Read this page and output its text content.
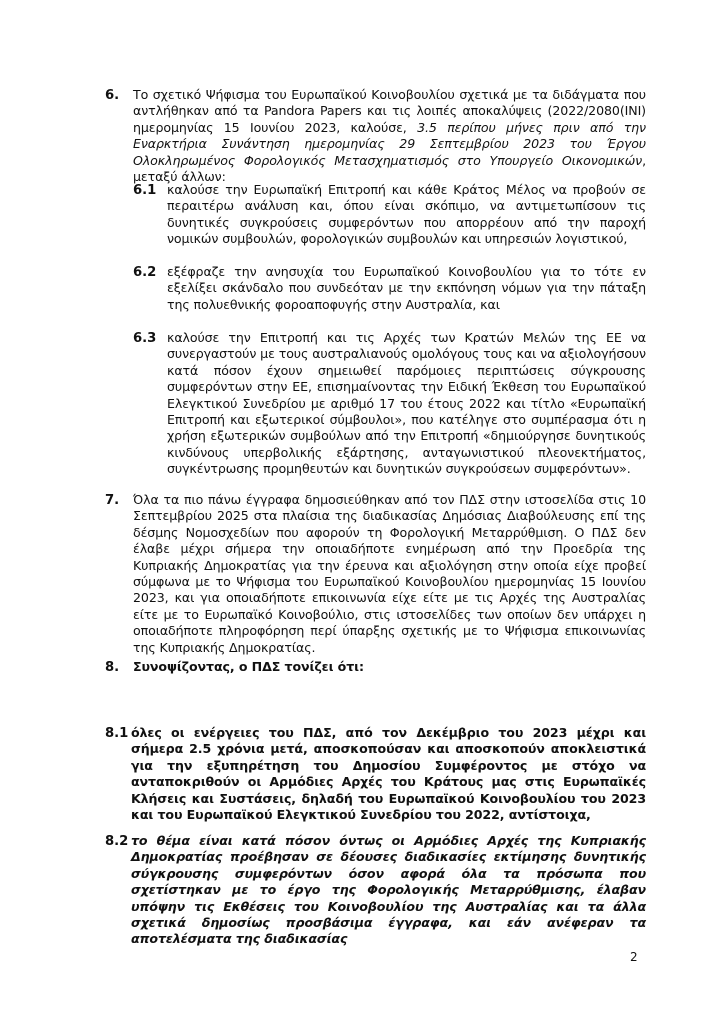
6. Το σχετικό Ψήφισμα του Ευρωπαϊκού Κοινοβουλίου σχετικά με τα διδάγματα που αντλήθηκαν από τα Pandora Papers και τις λοιπές αποκαλύψεις (2022/2080(INI) ημερομηνίας 15 Ιουνίου 2023, καλούσε, 3.5 περίπου μήνες πριν από την Εναρκτήρια Συνάντηση ημερομηνίας 29 Σεπτεμβρίου 2023 του Έργου Ολοκληρωμένος Φορολογικός Μετασχηματισμός στο Υπουργείο Οικονομικών, μεταξύ άλλων:
6.1 καλούσε την Ευρωπαϊκή Επιτροπή και κάθε Κράτος Μέλος να προβούν σε περαιτέρω ανάλυση και, όπου είναι σκόπιμο, να αντιμετωπίσουν τις δυνητικές συγκρούσεις συμφερόντων που απορρέουν από την παροχή νομικών συμβουλών, φορολογικών συμβουλών και υπηρεσιών λογιστικού,
6.2 εξέφραζε την ανησυχία του Ευρωπαϊκού Κοινοβουλίου για το τότε εν εξελίξει σκάνδαλο που συνδεόταν με την εκπόνηση νόμων για την πάταξη της πολυεθνικής φοροαποφυγής στην Αυστραλία, και
6.3 καλούσε την Επιτροπή και τις Αρχές των Κρατών Μελών της ΕΕ να συνεργαστούν με τους αυστραλιανούς ομολόγους τους και να αξιολογήσουν κατά πόσον έχουν σημειωθεί παρόμοιες περιπτώσεις σύγκρουσης συμφερόντων στην ΕΕ, επισημαίνοντας την Ειδική Έκθεση του Ευρωπαϊκού Ελεγκτικού Συνεδρίου με αριθμό 17 του έτους 2022 και τίτλο «Ευρωπαϊκή Επιτροπή και εξωτερικοί σύμβουλοι», που κατέληγε στο συμπέρασμα ότι η χρήση εξωτερικών συμβούλων από την Επιτροπή «δημιούργησε δυνητικούς κινδύνους υπερβολικής εξάρτησης, ανταγωνιστικού πλεονεκτήματος, συγκέντρωσης προμηθευτών και δυνητικών συγκρούσεων συμφερόντων».
7. Όλα τα πιο πάνω έγγραφα δημοσιεύθηκαν από τον ΠΔΣ στην ιστοσελίδα στις 10 Σεπτεμβρίου 2025 στα πλαίσια της διαδικασίας Δημόσιας Διαβούλευσης επί της δέσμης Νομοσχεδίων που αφορούν τη Φορολογική Μεταρρύθμιση. Ο ΠΔΣ δεν έλαβε μέχρι σήμερα την οποιαδήποτε ενημέρωση από την Προεδρία της Κυπριακής Δημοκρατίας για την έρευνα και αξιολόγηση στην οποία είχε προβεί σύμφωνα με το Ψήφισμα του Ευρωπαϊκού Κοινοβουλίου ημερομηνίας 15 Ιουνίου 2023, και για οποιαδήποτε επικοινωνία είχε είτε με τις Αρχές της Αυστραλίας είτε με το Ευρωπαϊκό Κοινοβούλιο, στις ιστοσελίδες των οποίων δεν υπάρχει η οποιαδήποτε πληροφόρηση περί ύπαρξης σχετικής με το Ψήφισμα επικοινωνίας της Κυπριακής Δημοκρατίας.
8. Συνοψίζοντας, ο ΠΔΣ τονίζει ότι:
8.1 όλες οι ενέργειες του ΠΔΣ, από τον Δεκέμβριο του 2023 μέχρι και σήμερα 2.5 χρόνια μετά, αποσκοπούσαν και αποσκοπούν αποκλειστικά για την εξυπηρέτηση του Δημοσίου Συμφέροντος με στόχο να ανταποκριθούν οι Αρμόδιες Αρχές του Κράτους μας στις Ευρωπαϊκές Κλήσεις και Συστάσεις, δηλαδή του Ευρωπαϊκού Κοινοβουλίου του 2023 και του Ευρωπαϊκού Ελεγκτικού Συνεδρίου του 2022, αντίστοιχα,
8.2 το θέμα είναι κατά πόσον όντως οι Αρμόδιες Αρχές της Κυπριακής Δημοκρατίας προέβησαν σε δέουσες διαδικασίες εκτίμησης δυνητικής σύγκρουσης συμφερόντων όσον αφορά όλα τα πρόσωπα που σχετίστηκαν με το έργο της Φορολογικής Μεταρρύθμισης, έλαβαν υπόψην τις Εκθέσεις του Κοινοβουλίου της Αυστραλίας και τα άλλα σχετικά δημοσίως προσβάσιμα έγγραφα, και εάν ανέφεραν τα αποτελέσματα της διαδικασίας
2
